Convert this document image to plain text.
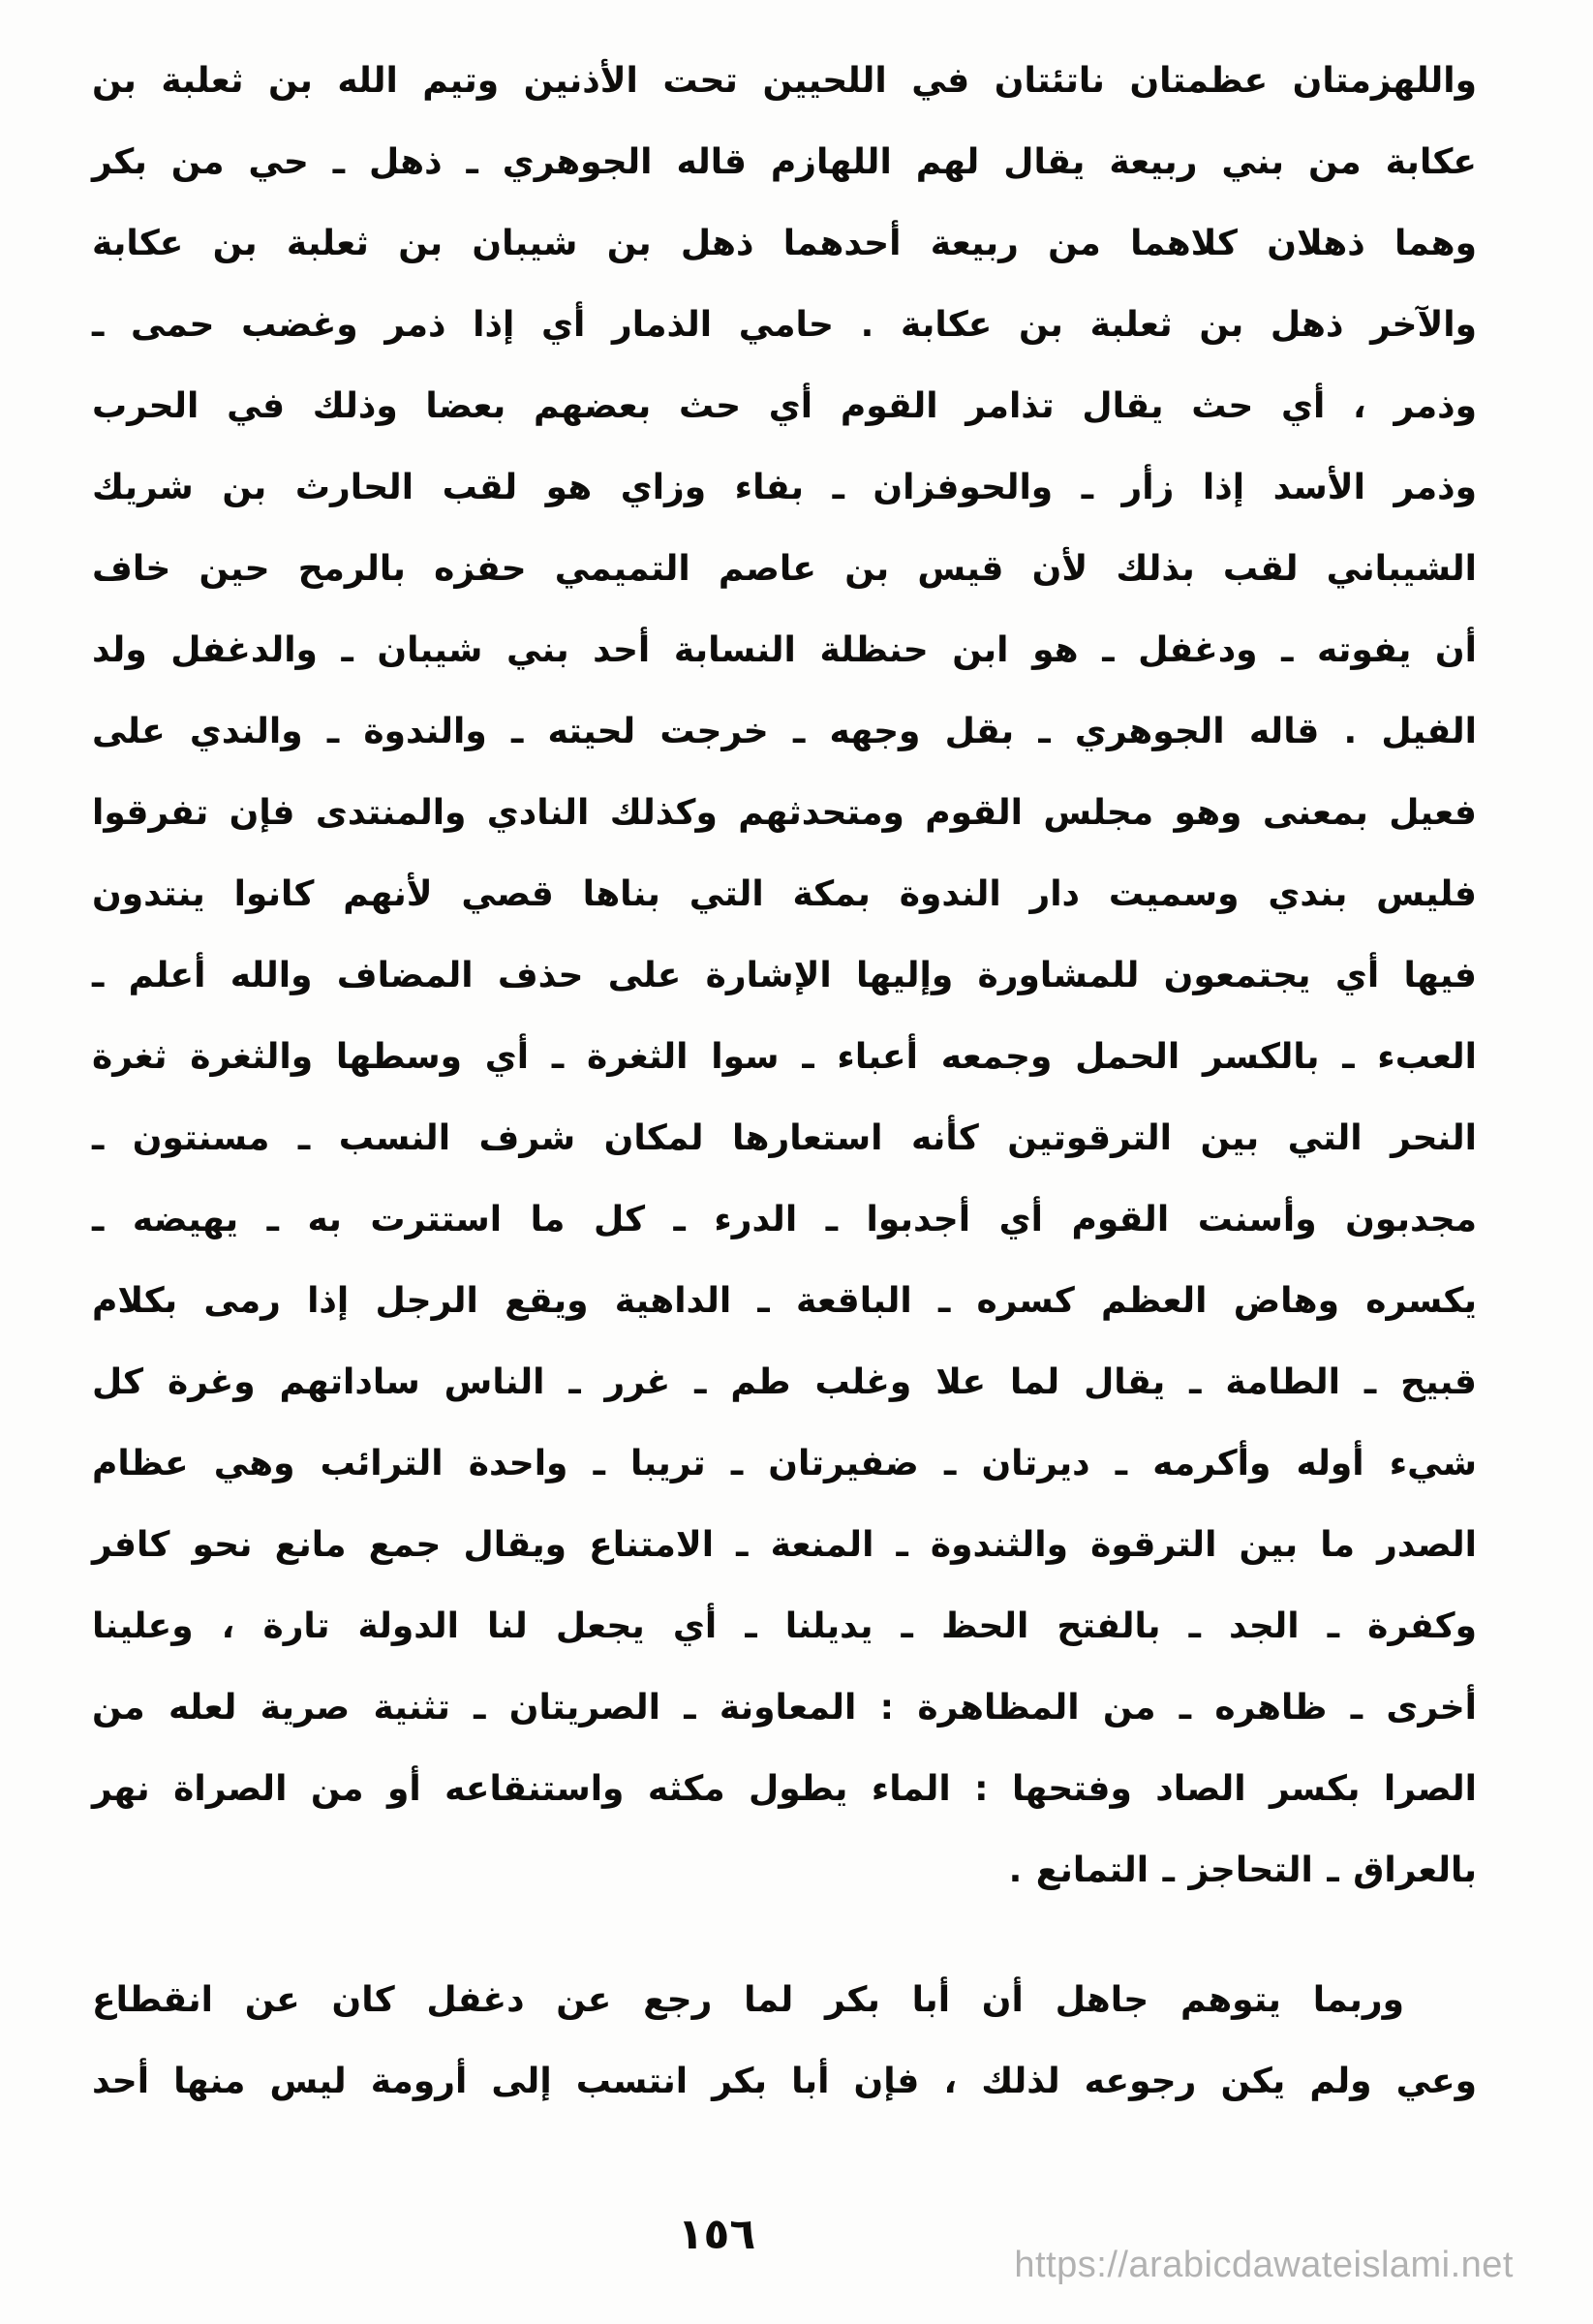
واللهزمتان عظمتان ناتئتان في اللحيين تحت الأذنين وتيم الله بن ثعلبة بن
عكابة من بني ربيعة يقال لهم اللهازم قاله الجوهري ـ ذهل ـ حي من بكر
وهما ذهلان كلاهما من ربيعة أحدهما ذهل بن شيبان بن ثعلبة بن عكابة
والآخر ذهل بن ثعلبة بن عكابة . حامي الذمار أي إذا ذمر وغضب حمى ـ
وذمر ، أي حث يقال تذامر القوم أي حث بعضهم بعضا وذلك في الحرب
وذمر الأسد إذا زأر ـ والحوفزان ـ بفاء وزاي هو لقب الحارث بن شريك
الشيباني لقب بذلك لأن قيس بن عاصم التميمي حفزه بالرمح حين خاف
أن يفوته ـ ودغفل ـ هو ابن حنظلة النسابة أحد بني شيبان ـ والدغفل ولد
الفيل . قاله الجوهري ـ بقل وجهه ـ خرجت لحيته ـ والندوة ـ والندي على
فعيل بمعنى وهو مجلس القوم ومتحدثهم وكذلك النادي والمنتدى فإن تفرقوا
فليس بندي وسميت دار الندوة بمكة التي بناها قصي لأنهم كانوا ينتدون
فيها أي يجتمعون للمشاورة وإليها الإشارة على حذف المضاف والله أعلم ـ
العبء ـ بالكسر الحمل وجمعه أعباء ـ سوا الثغرة ـ أي وسطها والثغرة ثغرة
النحر التي بين الترقوتين كأنه استعارها لمكان شرف النسب ـ مسنتون ـ
مجدبون وأسنت القوم أي أجدبوا ـ الدرء ـ كل ما استترت به ـ يهيضه ـ
يكسره وهاض العظم كسره ـ الباقعة ـ الداهية ويقع الرجل إذا رمى بكلام
قبيح ـ الطامة ـ يقال لما علا وغلب طم ـ غرر ـ الناس ساداتهم وغرة كل
شيء أوله وأكرمه ـ ديرتان ـ ضفيرتان ـ تريبا ـ واحدة الترائب وهي عظام
الصدر ما بين الترقوة والثندوة ـ المنعة ـ الامتناع ويقال جمع مانع نحو كافر
وكفرة ـ الجد ـ بالفتح الحظ ـ يديلنا ـ أي يجعل لنا الدولة تارة ، وعلينا
أخرى ـ ظاهره ـ من المظاهرة : المعاونة ـ الصريتان ـ تثنية صرية لعله من
الصرا بكسر الصاد وفتحها : الماء يطول مكثه واستنقاعه أو من الصراة نهر
بالعراق ـ التحاجز ـ التمانع .
وربما يتوهم جاهل أن أبا بكر لما رجع عن دغفل كان عن انقطاع
وعي ولم يكن رجوعه لذلك ، فإن أبا بكر انتسب إلى أرومة ليس منها أحد
١٥٦
https://arabicdawateislami.net
